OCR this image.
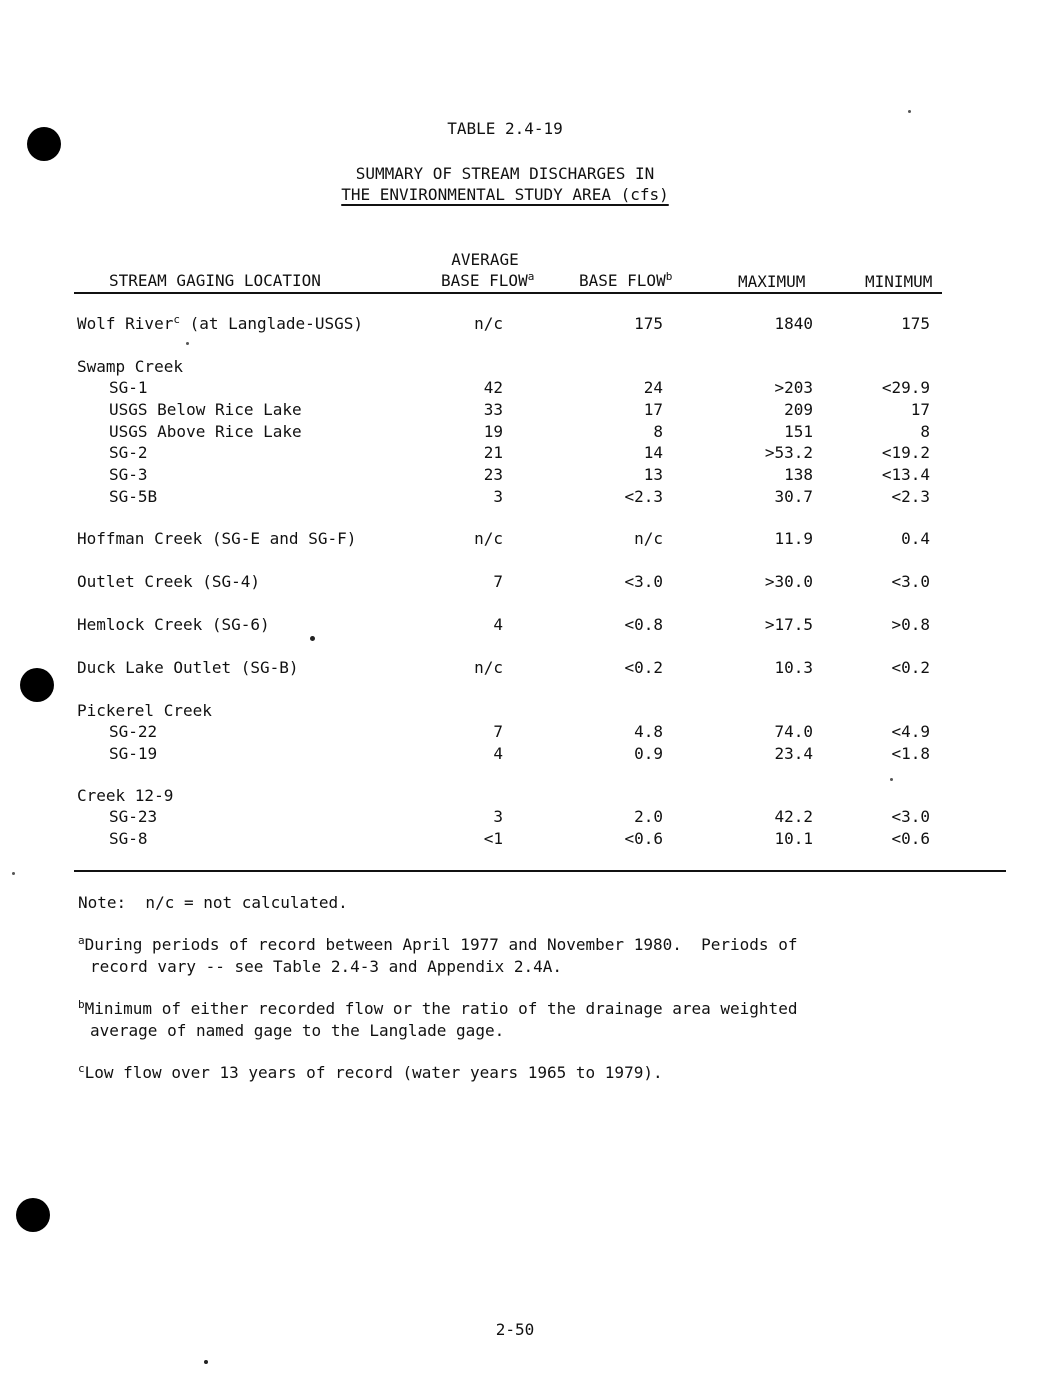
TABLE 2.4-19
SUMMARY OF STREAM DISCHARGES IN
THE ENVIRONMENTAL STUDY AREA (cfs)
STREAM GAGING LOCATION
AVERAGE
BASE FLOW$^a$	BASE FLOW$^b$	MAXIMUM	MINIMUM
Wolf River$^c$ (at Langlade-USGS)	n/c	175	1840	175
Swamp Creek
SG-1	42	24	>203	<29.9
USGS Below Rice Lake	33	17	209	17
USGS Above Rice Lake	19	8	151	8
SG-2	21	14	>53.2	<19.2
SG-3	23	13	138	<13.4
SG-5B	3	<2.3	30.7	<2.3
Hoffman Creek (SG-E and SG-F)	n/c	n/c	11.9	0.4
Outlet Creek (SG-4)	7	<3.0	>30.0	<3.0
Hemlock Creek (SG-6)	4	<0.8	>17.5	>0.8
Duck Lake Outlet (SG-B)	n/c	<0.2	10.3	<0.2
Pickerel Creek
SG-22	7	4.8	74.0	<4.9
SG-19	4	0.9	23.4	<1.8
Creek 12-9
SG-23	3	2.0	42.2	<3.0
SG-8	<1	<0.6	10.1	<0.6
Note:  n/c = not calculated.
$^a$During periods of record between April 1977 and November 1980.  Periods of
record vary -- see Table 2.4-3 and Appendix 2.4A.
$^b$Minimum of either recorded flow or the ratio of the drainage area weighted
average of named gage to the Langlade gage.
$^c$Low flow over 13 years of record (water years 1965 to 1979).
2-50
